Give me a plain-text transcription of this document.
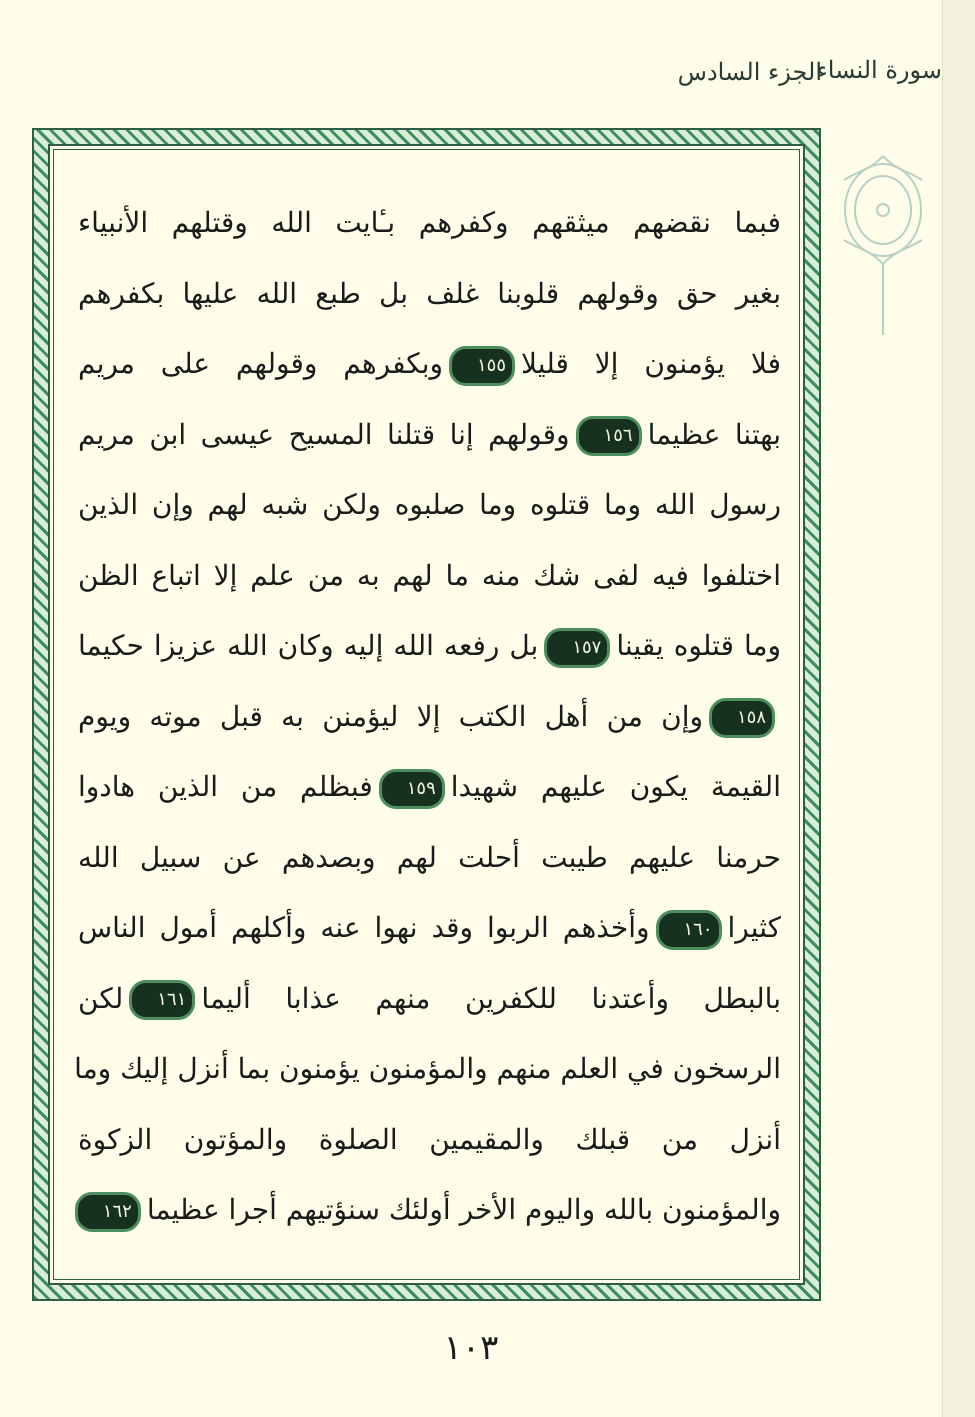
الجزء السادس
سورة النساء
فبما نقضهم ميثقهم وكفرهم بـٔايت الله وقتلهم الأنبياء
بغير حق وقولهم قلوبنا غلف بل طبع الله عليها بكفرهم
فلا يؤمنون إلا قليلا١٥٥وبكفرهم وقولهم على مريم
بهتنا عظيما١٥٦وقولهم إنا قتلنا المسيح عيسى ابن مريم
رسول الله وما قتلوه وما صلبوه ولكن شبه لهم وإن الذين
اختلفوا فيه لفى شك منه ما لهم به من علم إلا اتباع الظن
وما قتلوه يقينا١٥٧بل رفعه الله إليه وكان الله عزيزا حكيما
١٥٨وإن من أهل الكتب إلا ليؤمنن به قبل موته ويوم
القيمة يكون عليهم شهيدا١٥٩فبظلم من الذين هادوا
حرمنا عليهم طيبت أحلت لهم وبصدهم عن سبيل الله
كثيرا١٦٠وأخذهم الربوا وقد نهوا عنه وأكلهم أمول الناس
بالبطل وأعتدنا للكفرين منهم عذابا أليما١٦١لكن
الرسخون في العلم منهم والمؤمنون يؤمنون بما أنزل إليك وما
أنزل من قبلك والمقيمين الصلوة والمؤتون الزكوة
والمؤمنون بالله واليوم الأخر أولئك سنؤتيهم أجرا عظيما١٦٢
١٠٣
